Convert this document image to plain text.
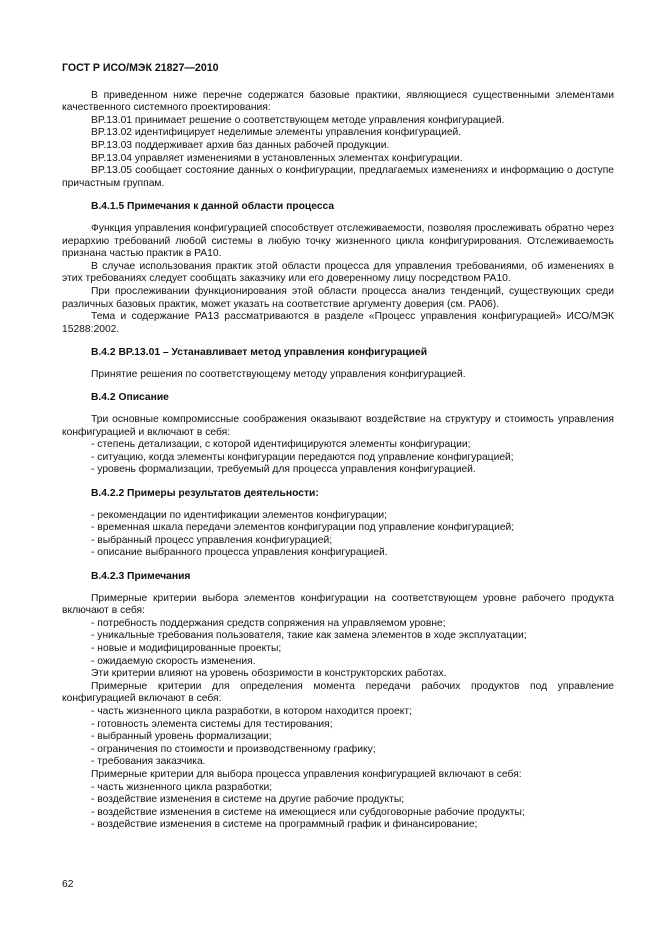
ГОСТ Р ИСО/МЭК 21827—2010

В приведенном ниже перечне содержатся базовые практики, являющиеся существенными элементами качественного системного проектирования:

BP.13.01 принимает решение о соответствующем методе управления конфигурацией.

BP.13.02 идентифицирует неделимые элементы управления конфигурацией.

BP.13.03 поддерживает архив баз данных рабочей продукции.

BP.13.04 управляет изменениями в установленных элементах конфигурации.

BP.13.05 сообщает состояние данных о конфигурации, предлагаемых изменениях и информацию о доступе причастным группам.

B.4.1.5 Примечания к данной области процесса

Функция управления конфигурацией способствует отслеживаемости, позволяя прослеживать обратно через иерархию требований любой системы в любую точку жизненного цикла конфигурирования. Отслеживаемость признана частью практик в PA10.

В случае использования практик этой области процесса для управления требованиями, об изменениях в этих требованиях следует сообщать заказчику или его доверенному лицу посредством PA10.

При прослеживании функционирования этой области процесса анализ тенденций, существующих среди различных базовых практик, может указать на соответствие аргументу доверия (см. PA06).

Тема и содержание PA13 рассматриваются в разделе «Процесс управления конфигурацией» ИСО/МЭК 15288:2002.

B.4.2 BP.13.01 – Устанавливает метод управления конфигурацией

Принятие решения по соответствующему методу управления конфигурацией.

B.4.2 Описание

Три основные компромиссные соображения оказывают воздействие на структуру и стоимость управления конфигурацией и включают в себя:

- степень детализации, с которой идентифицируются элементы конфигурации;

- ситуацию, когда элементы конфигурации передаются под управление конфигурацией;

- уровень формализации, требуемый для процесса управления конфигурацией.

B.4.2.2 Примеры результатов деятельности:

- рекомендации по идентификации элементов конфигурации;

- временная шкала передачи элементов конфигурации под управление конфигурацией;

- выбранный процесс управления конфигурацией;

- описание выбранного процесса управления конфигурацией.

B.4.2.3 Примечания

Примерные критерии выбора элементов конфигурации на соответствующем уровне рабочего продукта включают в себя:

- потребность поддержания средств сопряжения на управляемом уровне;

- уникальные требования пользователя, такие как замена элементов в ходе эксплуатации;

- новые и модифицированные проекты;

- ожидаемую скорость изменения.

Эти критерии влияют на уровень обозримости в конструкторских работах.

Примерные критерии для определения момента передачи рабочих продуктов под управление конфигурацией включают в себя:

- часть жизненного цикла разработки, в котором находится проект;

- готовность элемента системы для тестирования;

- выбранный уровень формализации;

- ограничения по стоимости и производственному графику;

- требования заказчика.

Примерные критерии для выбора процесса управления конфигурацией включают в себя:

- часть жизненного цикла разработки;

- воздействие изменения в системе на другие рабочие продукты;

- воздействие изменения в системе на имеющиеся или субдоговорные рабочие продукты;

- воздействие изменения в системе на программный график и финансирование;

62
